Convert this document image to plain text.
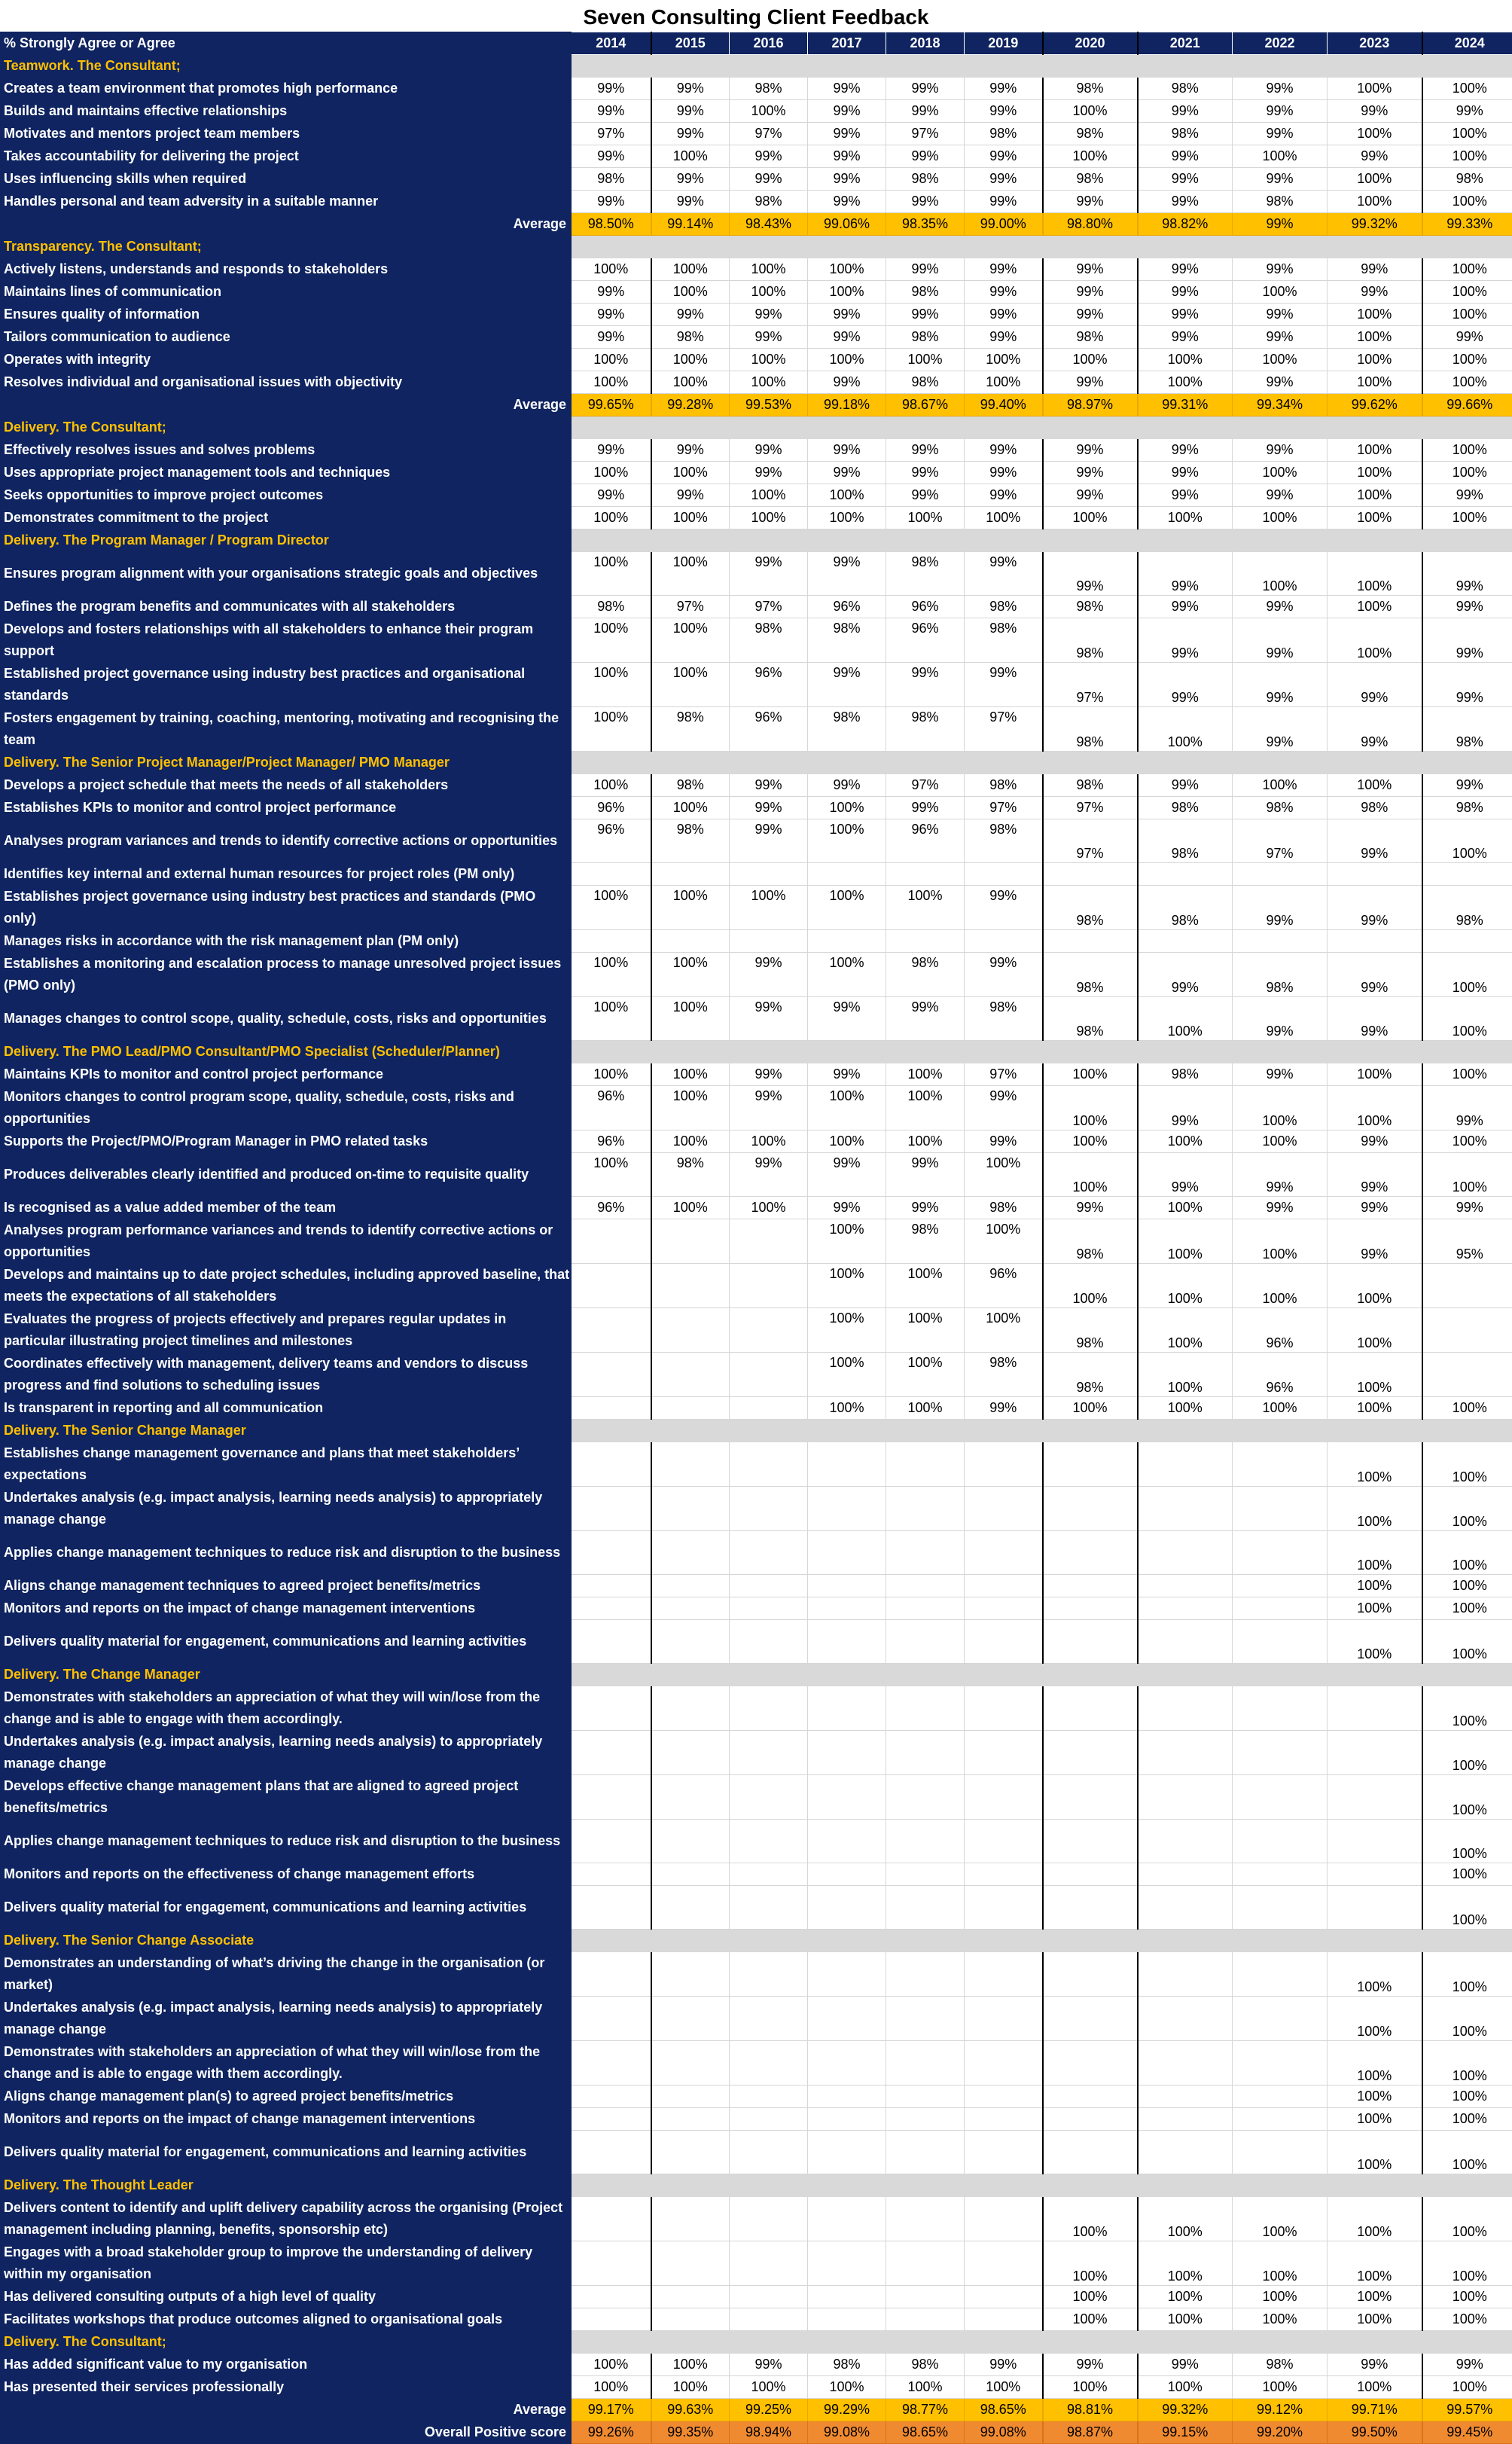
Seven Consulting Client Feedback
% Strongly Agree or Agree	2014	2015	2016	2017	2018	2019	2020	2021	2022	2023	2024
Teamwork. The Consultant;											
Creates a team environment that promotes high performance	99%	99%	98%	99%	99%	99%	98%	98%	99%	100%	100%
Builds and maintains effective relationships	99%	99%	100%	99%	99%	99%	100%	99%	99%	99%	99%
Motivates and mentors project team members	97%	99%	97%	99%	97%	98%	98%	98%	99%	100%	100%
Takes accountability for delivering the project	99%	100%	99%	99%	99%	99%	100%	99%	100%	99%	100%
Uses influencing skills when required	98%	99%	99%	99%	98%	99%	98%	99%	99%	100%	98%
Handles personal and team adversity in a suitable manner	99%	99%	98%	99%	99%	99%	99%	99%	98%	100%	100%
Average	98.50%	99.14%	98.43%	99.06%	98.35%	99.00%	98.80%	98.82%	99%	99.32%	99.33%
Transparency. The Consultant;											
Actively listens, understands and responds to stakeholders	100%	100%	100%	100%	99%	99%	99%	99%	99%	99%	100%
Maintains lines of communication	99%	100%	100%	100%	98%	99%	99%	99%	100%	99%	100%
Ensures quality of information	99%	99%	99%	99%	99%	99%	99%	99%	99%	100%	100%
Tailors communication to audience	99%	98%	99%	99%	98%	99%	98%	99%	99%	100%	99%
Operates with integrity	100%	100%	100%	100%	100%	100%	100%	100%	100%	100%	100%
Resolves individual and organisational issues with objectivity	100%	100%	100%	99%	98%	100%	99%	100%	99%	100%	100%
Average	99.65%	99.28%	99.53%	99.18%	98.67%	99.40%	98.97%	99.31%	99.34%	99.62%	99.66%
Delivery. The Consultant;											
Effectively resolves issues and solves problems	99%	99%	99%	99%	99%	99%	99%	99%	99%	100%	100%
Uses appropriate project management tools and techniques	100%	100%	99%	99%	99%	99%	99%	99%	100%	100%	100%
Seeks opportunities to improve project outcomes	99%	99%	100%	100%	99%	99%	99%	99%	99%	100%	99%
Demonstrates commitment to the project	100%	100%	100%	100%	100%	100%	100%	100%	100%	100%	100%
Delivery. The Program Manager / Program Director											
Ensures program alignment with your organisations strategic goals and objectives	100%	100%	99%	99%	98%	99%	99%	99%	100%	100%	99%
Defines the program benefits and communicates with all stakeholders	98%	97%	97%	96%	96%	98%	98%	99%	99%	100%	99%
Develops and fosters relationships with all stakeholders to enhance their program support	100%	100%	98%	98%	96%	98%	98%	99%	99%	100%	99%
Established project governance using industry best practices and organisational standards	100%	100%	96%	99%	99%	99%	97%	99%	99%	99%	99%
Fosters engagement by training, coaching, mentoring, motivating and recognising the team	100%	98%	96%	98%	98%	97%	98%	100%	99%	99%	98%
Delivery. The Senior Project Manager/Project Manager/ PMO Manager											
Develops a project schedule that meets the needs of all stakeholders	100%	98%	99%	99%	97%	98%	98%	99%	100%	100%	99%
Establishes KPIs to monitor and control project performance	96%	100%	99%	100%	99%	97%	97%	98%	98%	98%	98%
Analyses program variances and trends to identify corrective actions or opportunities	96%	98%	99%	100%	96%	98%	97%	98%	97%	99%	100%
Identifies key internal and external human resources for project roles (PM only)											
Establishes project governance using industry best practices and standards (PMO only)	100%	100%	100%	100%	100%	99%	98%	98%	99%	99%	98%
Manages risks in accordance with the risk management plan (PM only)											
Establishes a monitoring and escalation process to manage unresolved project issues (PMO only)	100%	100%	99%	100%	98%	99%	98%	99%	98%	99%	100%
Manages changes to control scope, quality, schedule, costs, risks and opportunities	100%	100%	99%	99%	99%	98%	98%	100%	99%	99%	100%
Delivery. The PMO Lead/PMO Consultant/PMO Specialist (Scheduler/Planner)											
Maintains KPIs to monitor and control project performance	100%	100%	99%	99%	100%	97%	100%	98%	99%	100%	100%
Monitors changes to control program scope, quality, schedule, costs, risks and opportunities	96%	100%	99%	100%	100%	99%	100%	99%	100%	100%	99%
Supports the Project/PMO/Program Manager in PMO related tasks	96%	100%	100%	100%	100%	99%	100%	100%	100%	99%	100%
Produces deliverables clearly identified and produced on-time to requisite quality	100%	98%	99%	99%	99%	100%	100%	99%	99%	99%	100%
Is recognised as a value added member of the team	96%	100%	100%	99%	99%	98%	99%	100%	99%	99%	99%
Analyses program performance variances and trends to identify corrective actions or opportunities				100%	98%	100%	98%	100%	100%	99%	95%
Develops and maintains up to date project schedules, including approved baseline, that meets the expectations of all stakeholders				100%	100%	96%	100%	100%	100%	100%	
Evaluates the progress of projects effectively and prepares regular updates in particular illustrating project timelines and milestones				100%	100%	100%	98%	100%	96%	100%	
Coordinates effectively with management, delivery teams and vendors to discuss progress and find solutions to scheduling issues				100%	100%	98%	98%	100%	96%	100%	
Is transparent in reporting and all communication				100%	100%	99%	100%	100%	100%	100%	100%
Delivery. The Senior Change Manager											
Establishes change management governance and plans that meet stakeholders’ expectations										100%	100%
Undertakes analysis (e.g. impact analysis, learning needs analysis) to appropriately manage change										100%	100%
Applies change management techniques to reduce risk and disruption to the business										100%	100%
Aligns change management techniques to agreed project benefits/metrics										100%	100%
Monitors and reports on the impact of change management interventions										100%	100%
Delivers quality material for engagement, communications and learning activities										100%	100%
Delivery. The Change Manager											
Demonstrates with stakeholders an appreciation of what they will win/lose from the change and is able to engage with them accordingly.											100%
Undertakes analysis (e.g. impact analysis, learning needs analysis) to appropriately manage change											100%
Develops effective change management plans that are aligned to agreed project benefits/metrics											100%
Applies change management techniques to reduce risk and disruption to the business											100%
Monitors and reports on the effectiveness of change management efforts											100%
Delivers quality material for engagement, communications and learning activities											100%
Delivery. The Senior Change Associate											
Demonstrates an understanding of what’s driving the change in the organisation (or market)										100%	100%
Undertakes analysis (e.g. impact analysis, learning needs analysis) to appropriately manage change										100%	100%
Demonstrates with stakeholders an appreciation of what they will win/lose from the change and is able to engage with them accordingly.										100%	100%
Aligns change management plan(s) to agreed project benefits/metrics										100%	100%
Monitors and reports on the impact of change management interventions										100%	100%
Delivers quality material for engagement, communications and learning activities										100%	100%
Delivery. The Thought Leader											
Delivers content to identify and uplift delivery capability across the organising (Project management including planning, benefits, sponsorship etc)							100%	100%	100%	100%	100%
Engages with a broad stakeholder group to improve the understanding of delivery within my organisation							100%	100%	100%	100%	100%
Has delivered consulting outputs of a high level of quality							100%	100%	100%	100%	100%
Facilitates workshops that produce outcomes aligned to organisational goals							100%	100%	100%	100%	100%
Delivery. The Consultant;											
Has added significant value to my organisation	100%	100%	99%	98%	98%	99%	99%	99%	98%	99%	99%
Has presented their services professionally	100%	100%	100%	100%	100%	100%	100%	100%	100%	100%	100%
Average	99.17%	99.63%	99.25%	99.29%	98.77%	98.65%	98.81%	99.32%	99.12%	99.71%	99.57%
Overall Positive score	99.26%	99.35%	98.94%	99.08%	98.65%	99.08%	98.87%	99.15%	99.20%	99.50%	99.45%
